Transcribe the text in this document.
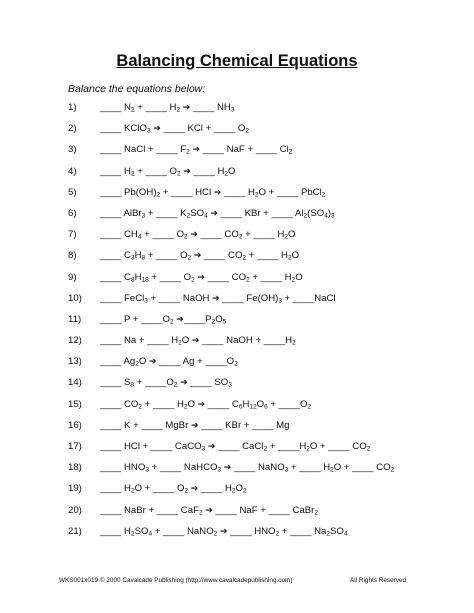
Balancing Chemical Equations
Balance the equations below:
1) ____ $N_2$ + ____ $H_2$ ➔ ____ $NH_3$
2) ____ KClO$_3$ ➔ ____ KCl + ____ $O_2$
3) ____ NaCl + ____ $F_2$ ➔ ____ NaF + ____ $Cl_2$
4) ____ $H_2$ + ____ $O_2$ ➔ ____ $H_2O$
5) ____ $Pb(OH)_2$ + ____ HCl ➔ ____ $H_2O$ + ____ PbCl$_2$
6) ____ AlBr$_3$ + ____ $K_2SO_4$ ➔ ____ KBr + ____ $Al_2(SO_4)_3$
7) ____ $CH_4$ + ____ $O_2$ ➔ ____ $CO_2$ + ____ $H_2O$
8) ____ $C_3H_8$ + ____ $O_2$ ➔ ____ $CO_2$ + ____ $H_2O$
9) ____ $C_8H_{18}$ + ____ $O_2$ ➔ ____ $CO_2$ + ____ $H_2O$
10) ____ FeCl$_3$ + ____ NaOH ➔ ____ $Fe(OH)_3$ + ____NaCl
11) ____ $P + \_\_\_\_O_2$ $➔\_\_\_\_P_2O_5$
12) ____ Na + ____ $H_2O$ ➔ ____ NaOH + $\_\_\_\_H_2$
13) ____ $Ag_2O$ ➔ ____ $Ag + \_\_\_\_O_2$
14) ____ $S_8$ + $\_\_\_\_O_2$ ➔ ____ $SO_3$
15) ____ $CO_2$ + ____ $H_2O$ ➔ ____ $C_6H_{12}O_6$ + $\_\_\_\_O_2$
16) ____ K + ____ MgBr ➔ ____ KBr + ____ Mg
17) ____ HCl + ____ CaCO$_3$ ➔ ____ CaCl$_2$ + $\_\_\_\_H_2O$ + ____ $CO_2$
18) ____ $HNO_3$ + ____ NaHCO$_3$ ➔ ____ NaNO$_3$ + ____ $H_2O$ + ____ $CO_2$
19) ____ $H_2O$ + ____ $O_2$ ➔ ____ $H_2O_2$
20) ____ NaBr + ____ CaF$_2$ ➔ ____ NaF + ____ CaBr$_2$
21) ____ $H_2SO_4$ + ____ NaNO$_2$ ➔ ____ $HNO_2$ + ____ $Na_2SO_4$
WKS001x019 © 2000 Cavalcade Publishing (http://www.cavalcadepublishing.com)	All Rights Reserved
